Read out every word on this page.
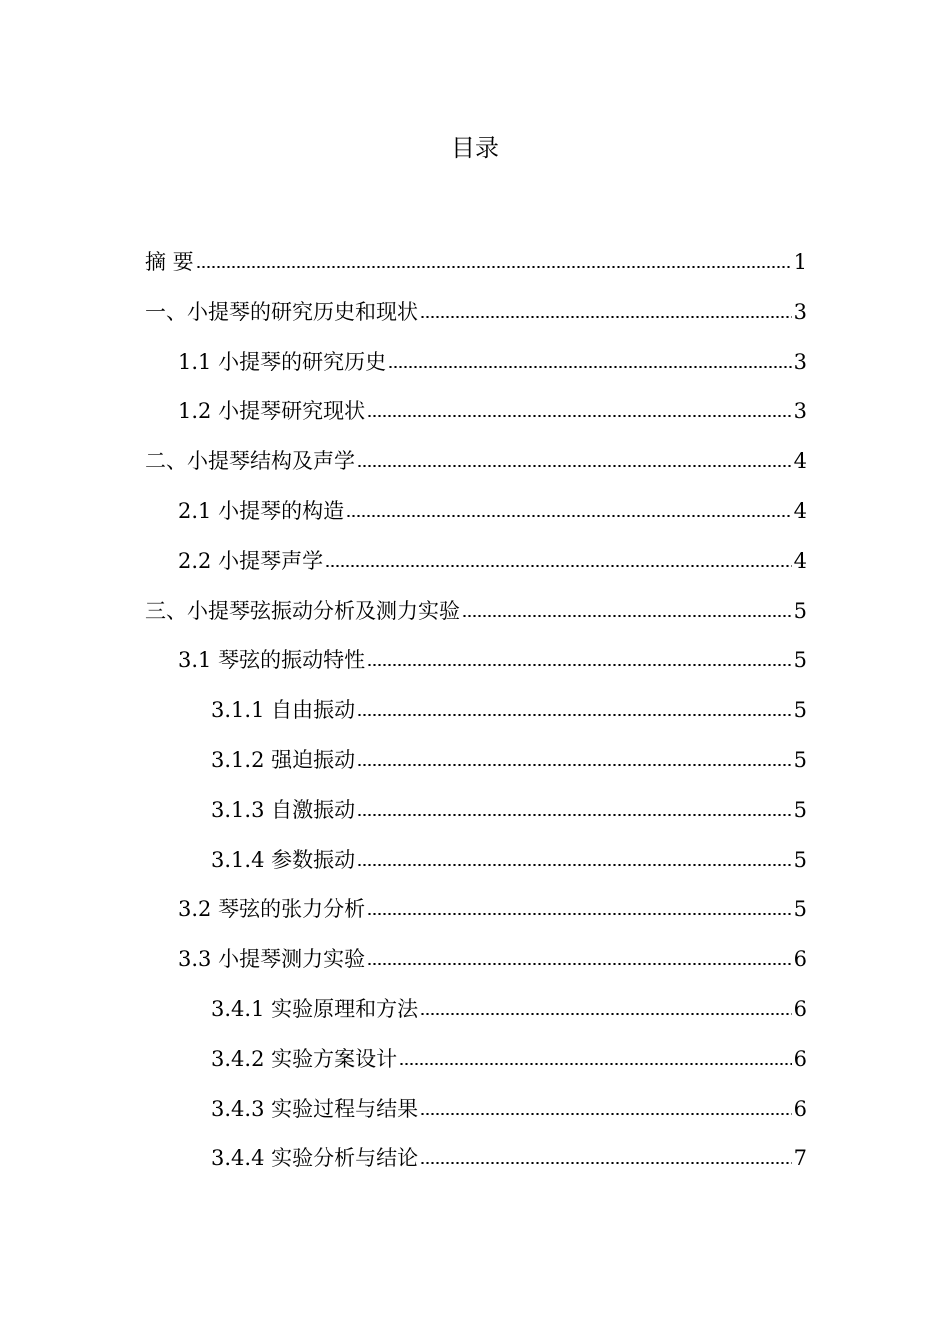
目录
摘 要	1
一、小提琴的研究历史和现状	3
1.1 小提琴的研究历史	3
1.2 小提琴研究现状	3
二、小提琴结构及声学	4
2.1 小提琴的构造	4
2.2 小提琴声学	4
三、小提琴弦振动分析及测力实验	5
3.1 琴弦的振动特性	5
3.1.1 自由振动	5
3.1.2 强迫振动	5
3.1.3 自激振动	5
3.1.4 参数振动	5
3.2 琴弦的张力分析	5
3.3 小提琴测力实验	6
3.4.1 实验原理和方法	6
3.4.2 实验方案设计	6
3.4.3 实验过程与结果	6
3.4.4 实验分析与结论	7
